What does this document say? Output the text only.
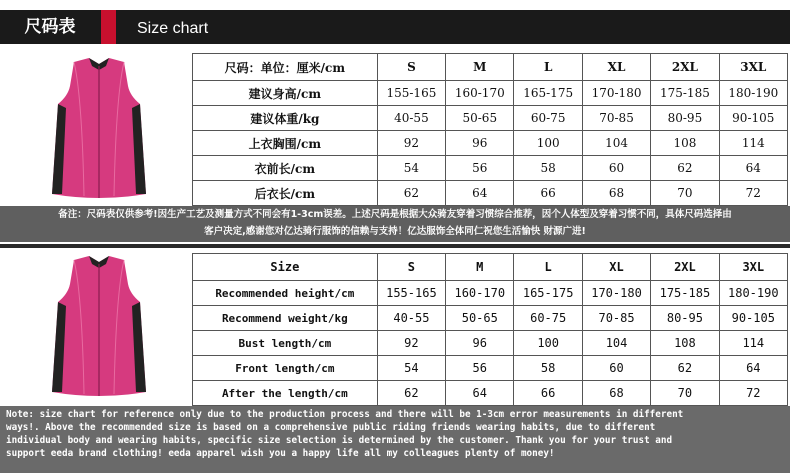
尺码表	Size chart
尺码：单位：厘米/cm	S	M	L	XL	2XL	3XL
建议身高/cm	155-165	160-170	165-175	170-180	175-185	180-190
建议体重/kg	40-55	50-65	60-75	70-85	80-95	90-105
上衣胸围/cm	92	96	100	104	108	114
衣前长/cm	54	56	58	60	62	64
后衣长/cm	62	64	66	68	70	72
备注：尺码表仅供参考!因生产工艺及测量方式不同会有1-3cm误差。上述尺码是根据大众骑友穿着习惯综合推荐，因个人体型及穿着习惯不同，具体尺码选择由
客户决定,感谢您对亿达骑行服饰的信赖与支持！亿达服饰全体同仁祝您生活愉快 财源广进!
Size	S	M	L	XL	2XL	3XL
Recommended height/cm	155-165	160-170	165-175	170-180	175-185	180-190
Recommend weight/kg	40-55	50-65	60-75	70-85	80-95	90-105
Bust length/cm	92	96	100	104	108	114
Front length/cm	54	56	58	60	62	64
After the length/cm	62	64	66	68	70	72
Note: size chart for reference only due to the production process and there will be 1-3cm error measurements in different
ways!. Above the recommended size is based on a comprehensive public riding friends wearing habits, due to different
individual body and wearing habits, specific size selection is determined by the customer. Thank you for your trust and
support eeda brand clothing! eeda apparel wish you a happy life all my colleagues plenty of money!
